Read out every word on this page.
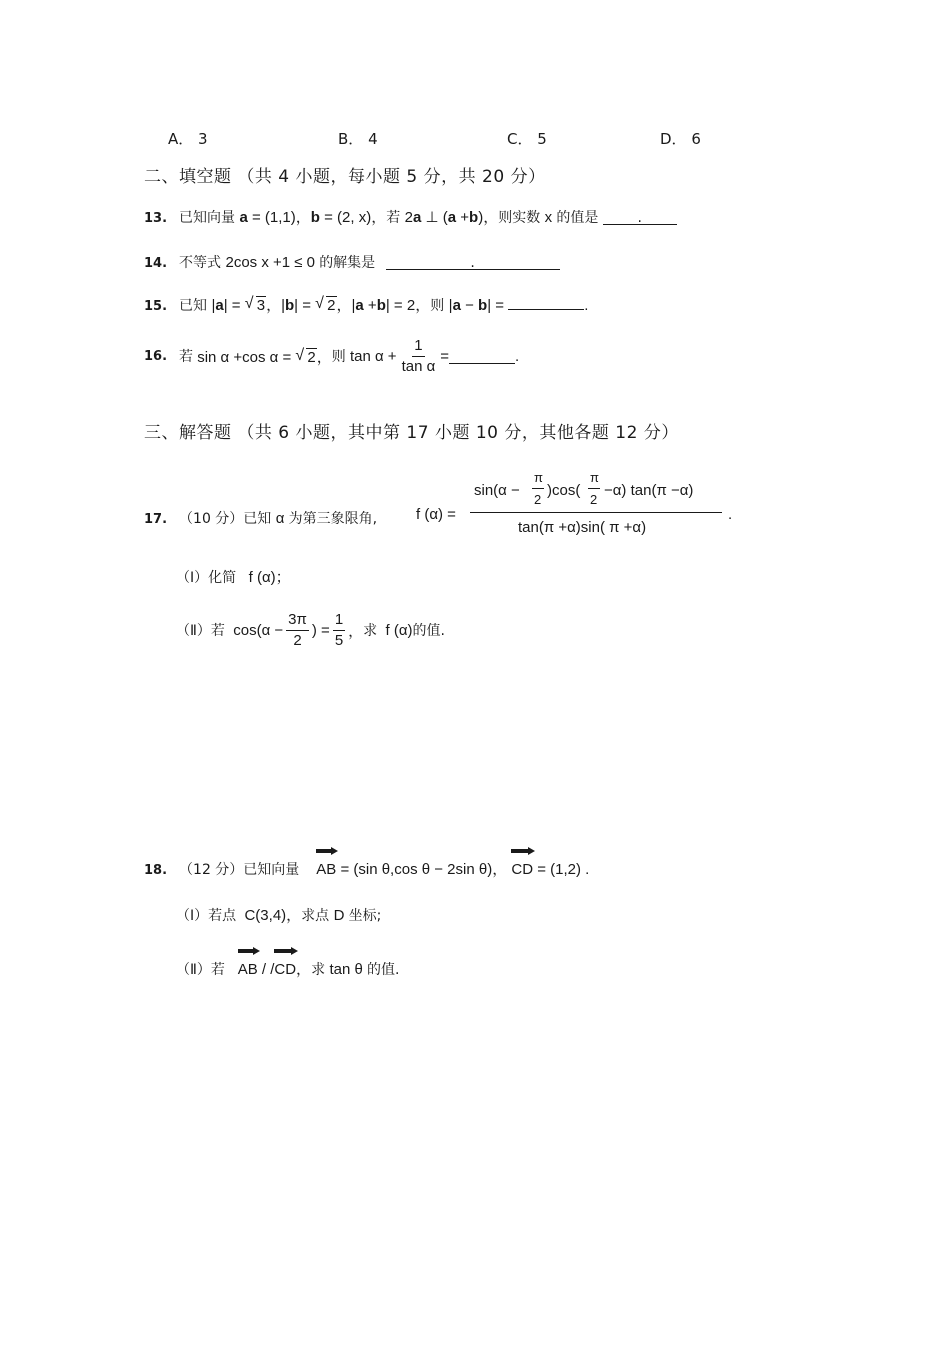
A． 3	B． 4	C． 5	D． 6
二、填空题 （共 4 小题，每小题 5 分，共 20 分）
13. 已知向量 a = (1,1)，b = (2, x)，若 2a ⊥ (a +b)，则实数 x 的值是	.
14. 不等式 2cos x +1 ≤ 0 的解集是	.
15. 已知 |a| = √ 3，|b| = √ 2，|a +b| = 2，则 |a − b| =	.
16. 若 sin α +cos α = √ 2， 则 $\tan \alpha + \frac{1}{\text{tan α}}$ =	.
三、解答题 （共 6 小题，其中第 17 小题 10 分，其他各题 12 分）
17. （10 分）已知 α 为第三象限角,	f (α) =
sin(α −
π
2
)cos(
π
2
−α) tan(π −α)
tan(π +α)sin( π +α)
.
（Ⅰ）化简   f (α)；
（Ⅱ）若 $\cos(\alpha - \frac{3\pi}{2}$ ) = $\frac{1}{5}$ ， 求 f (α) 的值.
18. （12 分）已知向量 AB
= (sin θ,cos θ − 2sin θ)， CD
= (1,2) .
（Ⅰ）若点  C(3,4)，求点 D 坐标;
（Ⅱ）若 AB
/ /CD
，求 tan θ 的值.
